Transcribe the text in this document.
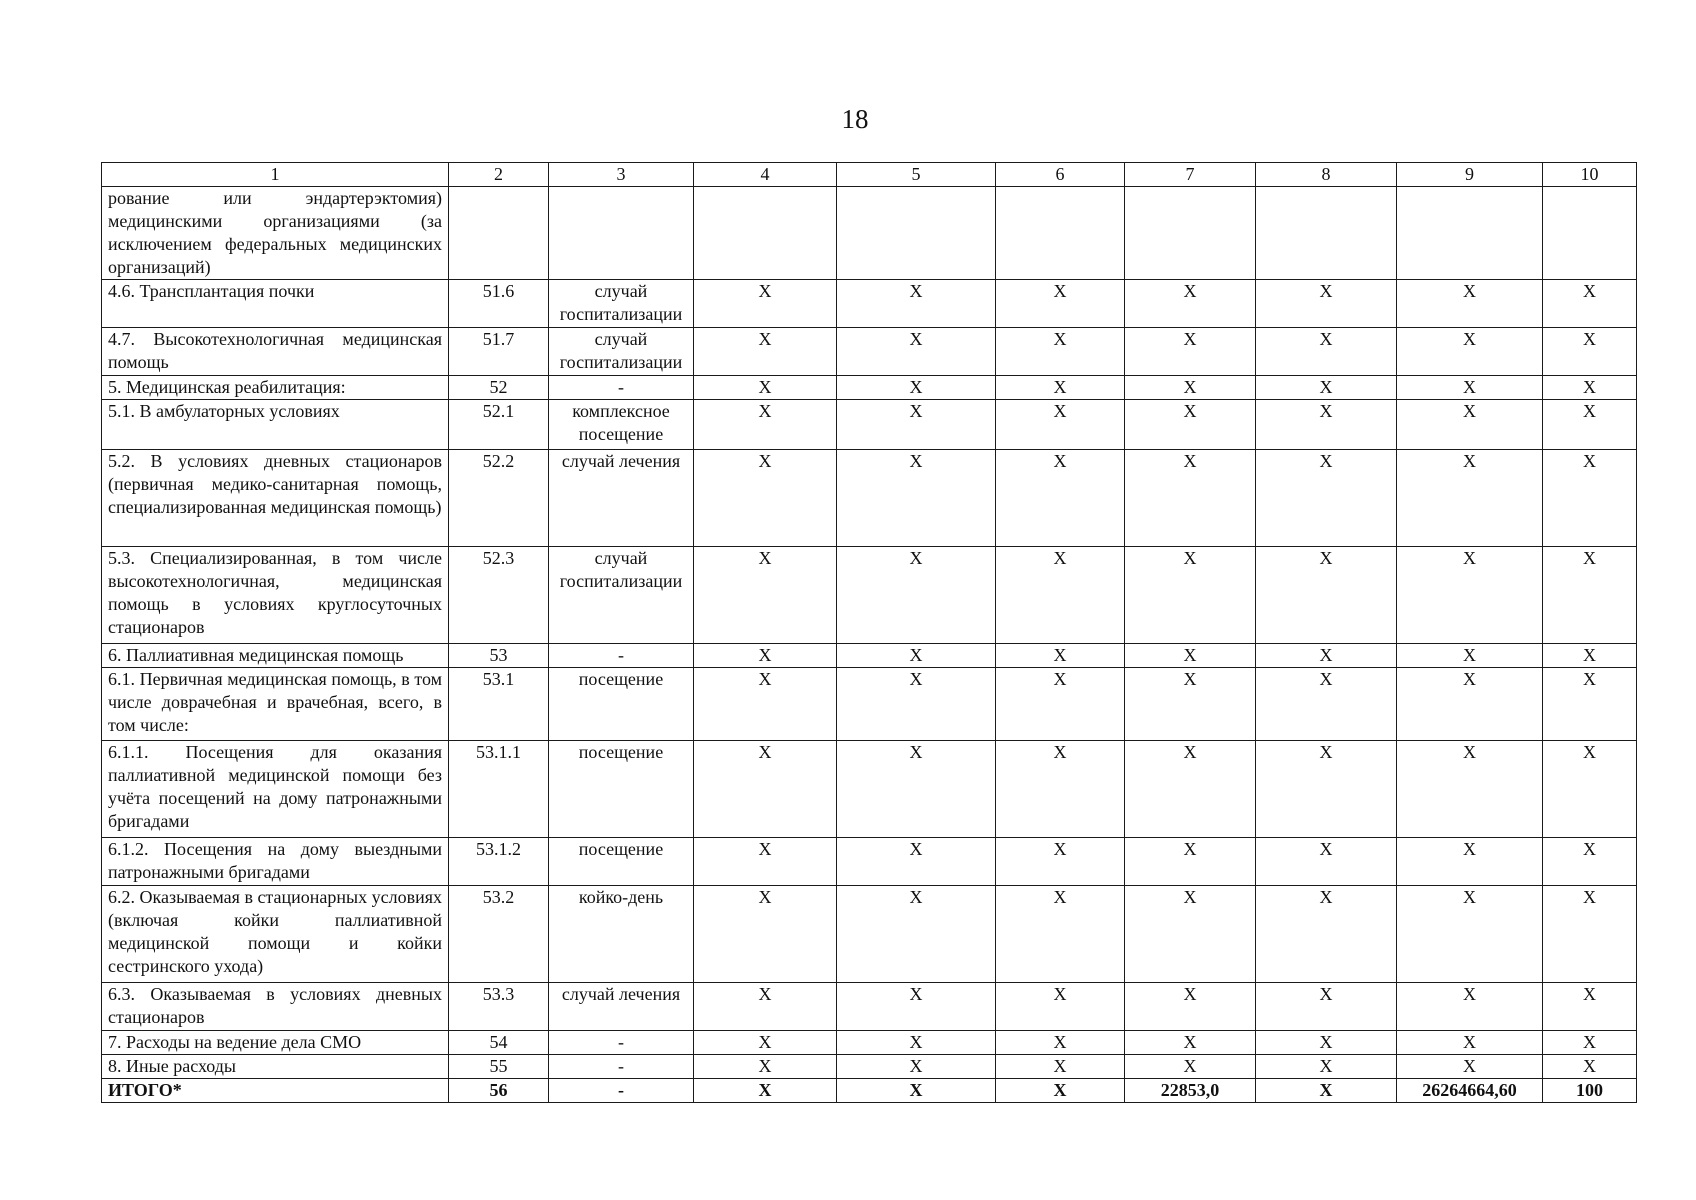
18
1	2	3	4	5	6	7	8	9	10
рование или эндартерэктомия) медицинскими организациями (за исключением федеральных медицинских организаций)									
4.6. Трансплантация почки	51.6	случай госпитализации	Х	Х	Х	Х	Х	Х	Х
4.7. Высокотехнологичная медицинская помощь	51.7	случай госпитализации	Х	Х	Х	Х	Х	Х	Х
5. Медицинская реабилитация:	52	-	Х	Х	Х	Х	Х	Х	Х
5.1. В амбулаторных условиях	52.1	комплексное посещение	Х	Х	Х	Х	Х	Х	Х
5.2. В условиях дневных стационаров (первичная медико-санитарная помощь, специализированная медицинская помощь)	52.2	случай лечения	Х	Х	Х	Х	Х	Х	Х
5.3. Специализированная, в том числе высокотехнологичная, медицинская помощь в условиях круглосуточных стационаров	52.3	случай госпитализации	Х	Х	Х	Х	Х	Х	Х
6. Паллиативная медицинская помощь	53	-	Х	Х	Х	Х	Х	Х	Х
6.1. Первичная медицинская помощь, в том числе доврачебная и врачебная, всего, в том числе:	53.1	посещение	Х	Х	Х	Х	Х	Х	Х
6.1.1. Посещения для оказания паллиативной медицинской помощи без учёта посещений на дому патронажными бригадами	53.1.1	посещение	Х	Х	Х	Х	Х	Х	Х
6.1.2. Посещения на дому выездными патронажными бригадами	53.1.2	посещение	Х	Х	Х	Х	Х	Х	Х
6.2. Оказываемая в стационарных условиях (включая койки паллиативной медицинской помощи и койки сестринского ухода)	53.2	койко-день	Х	Х	Х	Х	Х	Х	Х
6.3. Оказываемая в условиях дневных стационаров	53.3	случай лечения	Х	Х	Х	Х	Х	Х	Х
7. Расходы на ведение дела СМО	54	-	Х	Х	Х	Х	Х	Х	Х
8. Иные расходы	55	-	Х	Х	Х	Х	Х	Х	Х
ИТОГО*	56	-	Х	Х	Х	22853,0	Х	26264664,60	100
